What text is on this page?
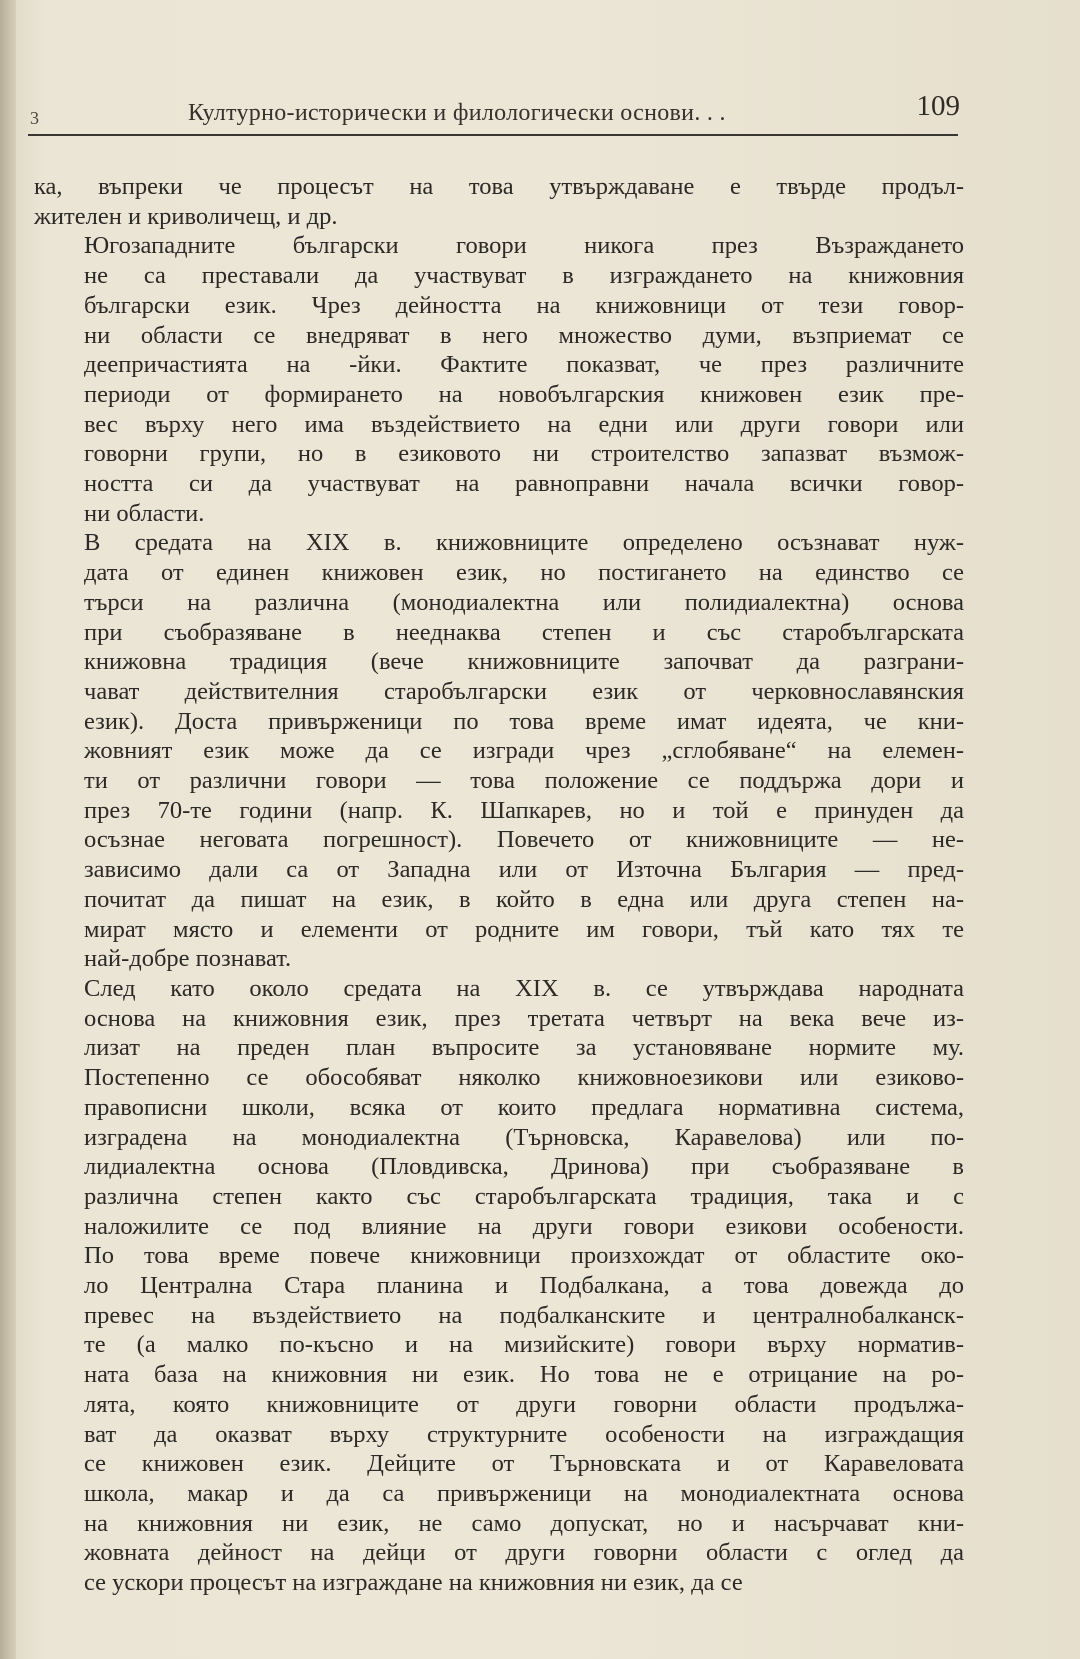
3	Културно-исторически и филологически основи. . .	109

ка, въпреки че процесът на това утвърждаване е твърде продъл-
жителен и криволичещ, и др.

Югозападните български говори никога през Възраждането
не са преставали да участвуват в изграждането на книжовния
български език. Чрез дейността на книжовници от тези говор-
ни области се внедряват в него множество думи, възприемат се
деепричастията на -йки. Фактите показват, че през различните
периоди от формирането на новобългарския книжовен език пре-
вес върху него има въздействието на едни или други говори или
говорни групи, но в езиковото ни строителство запазват възмож-
ността си да участвуват на равноправни начала всички говор-
ни области.

В средата на XIX в. книжовниците определено осъзнават нуж-
дата от единен книжовен език, но постигането на единство се
търси на различна (монодиалектна или полидиалектна) основа
при съобразяване в нееднаква степен и със старобългарската
книжовна традиция (вече книжовниците започват да разграни-
чават действителния старобългарски език от черковнославянския
език). Доста привърженици по това време имат идеята, че кни-
жовният език може да се изгради чрез „сглобяване“ на елемен-
ти от различни говори — това положение се поддържа дори и
през 70-те години (напр. К. Шапкарев, но и той е принуден да
осъзнае неговата погрешност). Повечето от книжовниците — не-
зависимо дали са от Западна или от Източна България — пред-
почитат да пишат на език, в който в една или друга степен на-
мират място и елементи от родните им говори, тъй като тях те
най-добре познават.

След като около средата на XIX в. се утвърждава народната
основа на книжовния език, през третата четвърт на века вече из-
лизат на преден план въпросите за установяване нормите му.
Постепенно се обособяват няколко книжовноезикови или езиково-
правописни школи, всяка от които предлага нормативна система,
изградена на монодиалектна (Търновска, Каравелова) или по-
лидиалектна основа (Пловдивска, Дринова) при съобразяване в
различна степен както със старобългарската традиция, така и с
наложилите се под влияние на други говори езикови особености.
По това време повече книжовници произхождат от областите око-
ло Централна Стара планина и Подбалкана, а това довежда до
превес на въздействието на подбалканските и централнобалканск-
те (а малко по-късно и на мизийските) говори върху норматив-
ната база на книжовния ни език. Но това не е отрицание на ро-
лята, която книжовниците от други говорни области продължа-
ват да оказват върху структурните особености на изграждащия
се книжовен език. Дейците от Търновската и от Каравеловата
школа, макар и да са привърженици на монодиалектната основа
на книжовния ни език, не само допускат, но и насърчават кни-
жовната дейност на дейци от други говорни области с оглед да
се ускори процесът на изграждане на книжовния ни език, да се
